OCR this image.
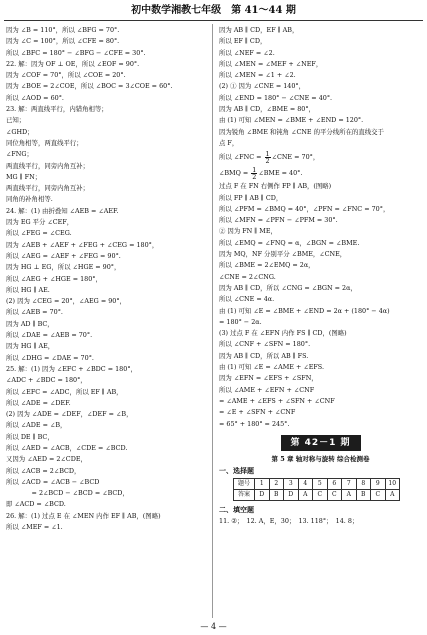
初中数学湘教七年级　第 41～44 期
因为 ∠B = 110°，所以 ∠BFG = 70°.
因为 ∠C = 100°，所以 ∠CFE = 80°.
所以 ∠BFC = 180° − ∠BFG − ∠CFE = 30°.
22. 解：因为 OF ⊥ OE，所以 ∠EOF = 90°.
因为 ∠COF = 70°，所以 ∠COE = 20°.
因为 ∠BOE = 2∠COE，所以 ∠BOC = 3∠COE = 60°.
所以 ∠AOD = 60°.
23. 解：两直线平行，内错角相等；
已知；
∠GHD；
同位角相等，两直线平行；
∠FNG；
两直线平行，同旁内角互补；
MG ∥ FN；
两直线平行，同旁内角互补；
同角的补角相等.
24. 解：(1) 由折叠知 ∠AEB = ∠AEF.
因为 EG 平分 ∠CEF，
所以 ∠FEG = ∠CEG.
因为 ∠AEB + ∠AEF + ∠FEG + ∠CEG = 180°，
所以 ∠AEG = ∠AEF + ∠FEG = 90°.
因为 HG ⊥ EG，所以 ∠HGE = 90°，
所以 ∠AEG + ∠HGE = 180°，
所以 HG ∥ AE.
(2) 因为 ∠CEG = 20°，∠AEG = 90°，
所以 ∠AEB = 70°.
因为 AD ∥ BC，
所以 ∠DAE = ∠AEB = 70°.
因为 HG ∥ AE，
所以 ∠DHG = ∠DAE = 70°.
25. 解：(1) 因为 ∠EFC + ∠BDC = 180°，
∠ADC + ∠BDC = 180°，
所以 ∠EFC = ∠ADC，所以 EF ∥ AB，
所以 ∠ADE = ∠DEF.
(2) 因为 ∠ADE = ∠DEF，∠DEF = ∠B，
所以 ∠ADE = ∠B，
所以 DE ∥ BC，
所以 ∠AED = ∠ACB，∠CDE = ∠BCD.
又因为 ∠AED = 2∠CDE，
所以 ∠ACB = 2∠BCD，
所以 ∠ACD = ∠ACB − ∠BCD
　　　　= 2∠BCD − ∠BCD = ∠BCD，
即 ∠ACD = ∠BCD.
26. 解：(1) 过点 E 在 ∠MEN 内作 EF ∥ AB，(图略)
所以 ∠MEF = ∠1.
因为 AB ∥ CD，EF ∥ AB，
所以 EF ∥ CD，
所以 ∠NEF = ∠2.
所以 ∠MEN = ∠MEF + ∠NEF，
所以 ∠MEN = ∠1 + ∠2.
(2) ① 因为 ∠CNE = 140°，
所以 ∠END = 180° − ∠CNE = 40°.
因为 AB ∥ CD，∠BME = 80°，
由 (1) 可知 ∠MEN = ∠BME + ∠END = 120°.
因为锐角 ∠BME 和钝角 ∠CNE 的平分线所在的直线交于
点 F，
所以 ∠FNC = $\frac{1}{2}$ ∠CNE = 70°，
∠BMQ = $\frac{1}{2}$ ∠BME = 40°.
过点 F 在 FN 右侧作 FP ∥ AB，(图略)
所以 FP ∥ AB ∥ CD，
所以 ∠PFM = ∠BMQ = 40°，∠PFN = ∠FNC = 70°，
所以 ∠MFN = ∠PFN − ∠PFM = 30°.
② 因为 FN ∥ ME，
所以 ∠EMQ = ∠FNQ = α，∠BGN = ∠BME.
因为 MQ，NF 分别平分 ∠BME，∠CNE，
所以 ∠BME = 2∠EMQ = 2α，
∠CNE = 2∠CNG.
因为 AB ∥ CD，所以 ∠CNG = ∠BGN = 2α，
所以 ∠CNE = 4α.
由 (1) 可知 ∠E = ∠BME + ∠END = 2α + (180° − 4α)
= 180° − 2α.
(3) 过点 F 在 ∠EFN 内作 FS ∥ CD，(图略)
所以 ∠CNF + ∠SFN = 180°.
因为 AB ∥ CD，所以 AB ∥ FS.
由 (1) 可知 ∠E = ∠AME + ∠EFS.
因为 ∠EFN = ∠EFS + ∠SFN，
所以 ∠AME + ∠EFN + ∠CNF
= ∠AME + ∠EFS + ∠SFN + ∠CNF
= ∠E + ∠SFN + ∠CNF
= 65° + 180° = 245°.
第 42－1 期
第 5 章 轴对称与旋转 综合检测卷
一、选择题
题号	1	2	3	4	5	6	7	8	9	10
答案	D	B	D	A	C	C	A	B	C	A
二、填空题
11. ②；　12. A，E，30；　13. 118°；　14. 8；
— 4 —
